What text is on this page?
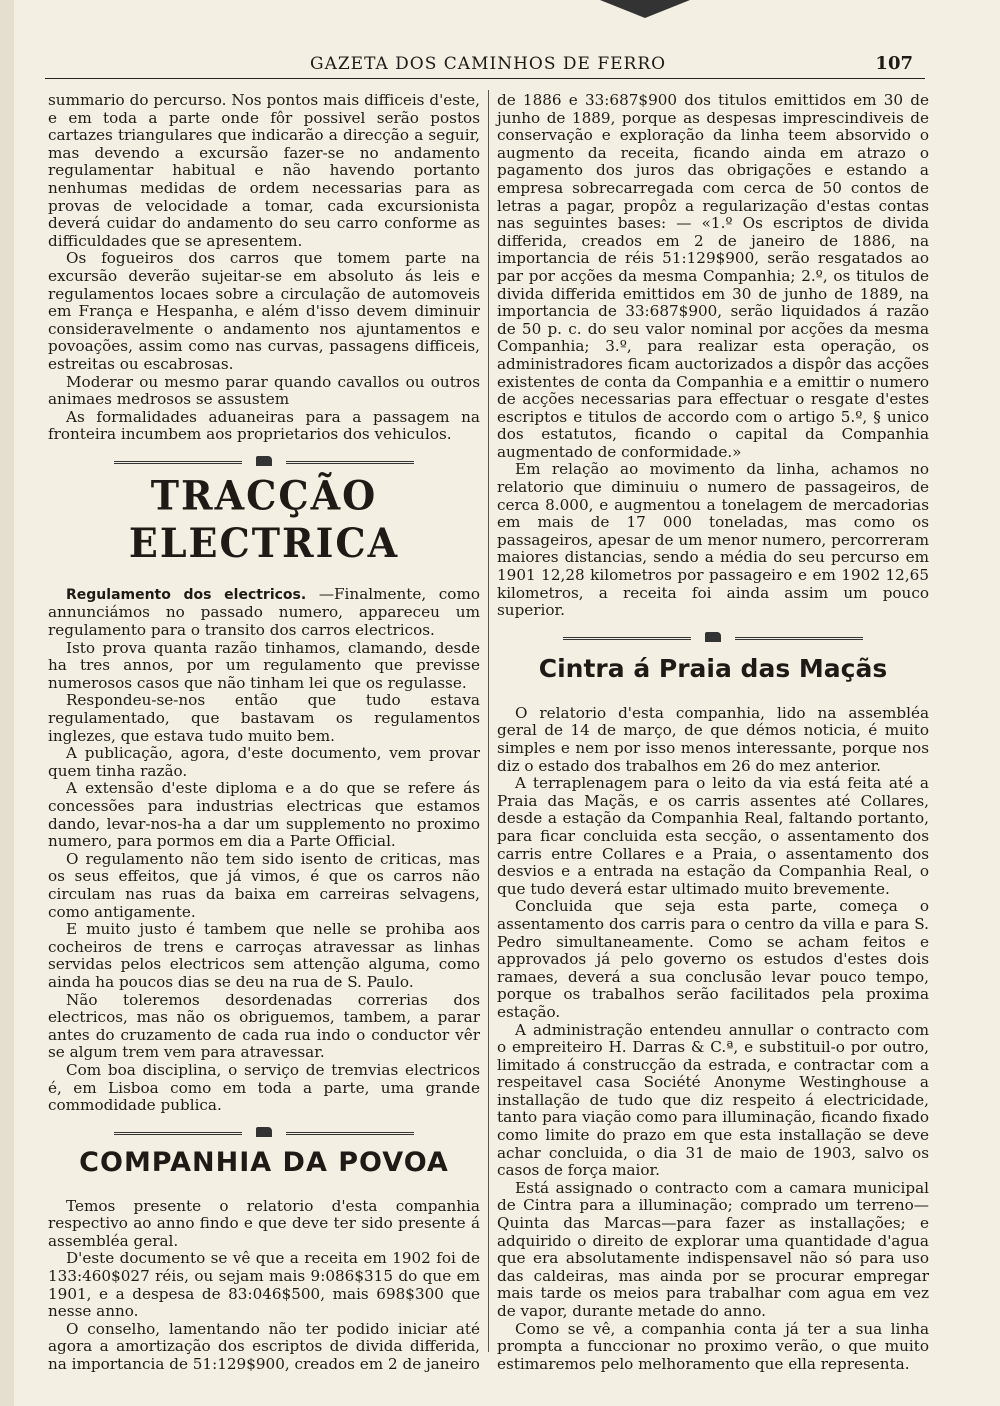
GAZETA DOS CAMINHOS DE FERRO	107

summario do percurso. Nos pontos mais difficeis d'este, e em toda a parte onde fôr possivel serão postos cartazes triangulares que indicarão a direcção a seguir, mas devendo a excursão fazer-se no andamento regulamentar habitual e não havendo portanto nenhumas medidas de ordem necessarias para as provas de velocidade a tomar, cada excursionista deverá cuidar do andamento do seu carro conforme as difficuldades que se apresentem.

Os fogueiros dos carros que tomem parte na excursão deverão sujeitar-se em absoluto ás leis e regulamentos locaes sobre a circulação de automoveis em França e Hespanha, e além d'isso devem diminuir consideravelmente o andamento nos ajuntamentos e povoações, assim como nas curvas, passagens difficeis, estreitas ou escabrosas.

Moderar ou mesmo parar quando cavallos ou outros animaes medrosos se assustem

As formalidades aduaneiras para a passagem na fronteira incumbem aos proprietarios dos vehiculos.

TRACÇÃO ELECTRICA

Regulamento dos electricos. —Finalmente, como annunciámos no passado numero, appareceu um regulamento para o transito dos carros electricos.

Isto prova quanta razão tinhamos, clamando, desde ha tres annos, por um regulamento que previsse numerosos casos que não tinham lei que os regulasse.

Respondeu-se-nos então que tudo estava regulamentado, que bastavam os regulamentos inglezes, que estava tudo muito bem.

A publicação, agora, d'este documento, vem provar quem tinha razão.

A extensão d'este diploma e a do que se refere ás concessões para industrias electricas que estamos dando, levar-nos-ha a dar um supplemento no proximo numero, para pormos em dia a Parte Official.

O regulamento não tem sido isento de criticas, mas os seus effeitos, que já vimos, é que os carros não circulam nas ruas da baixa em carreiras selvagens, como antigamente.

E muito justo é tambem que nelle se prohiba aos cocheiros de trens e carroças atravessar as linhas servidas pelos electricos sem attenção alguma, como ainda ha poucos dias se deu na rua de S. Paulo.

Não toleremos desordenadas correrias dos electricos, mas não os obriguemos, tambem, a parar antes do cruzamento de cada rua indo o conductor vêr se algum trem vem para atravessar.

Com boa disciplina, o serviço de tremvias electricos é, em Lisboa como em toda a parte, uma grande commodidade publica.

COMPANHIA DA POVOA

Temos presente o relatorio d'esta companhia respectivo ao anno findo e que deve ter sido presente á assembléa geral.

D'este documento se vê que a receita em 1902 foi de 133:460$027 réis, ou sejam mais 9:086$315 do que em 1901, e a despesa de 83:046$500, mais 698$300 que nesse anno.

O conselho, lamentando não ter podido iniciar até agora a amortização dos escriptos de divida differida, na importancia de 51:129$900, creados em 2 de janeiro

de 1886 e 33:687$900 dos titulos emittidos em 30 de junho de 1889, porque as despesas imprescindiveis de conservação e exploração da linha teem absorvido o augmento da receita, ficando ainda em atrazo o pagamento dos juros das obrigações e estando a empresa sobrecarregada com cerca de 50 contos de letras a pagar, propôz a regularização d'estas contas nas seguintes bases: — «1.º Os escriptos de divida differida, creados em 2 de janeiro de 1886, na importancia de réis 51:129$900, serão resgatados ao par por acções da mesma Companhia; 2.º, os titulos de divida differida emittidos em 30 de junho de 1889, na importancia de 33:687$900, serão liquidados á razão de 50 p. c. do seu valor nominal por acções da mesma Companhia; 3.º, para realizar esta operação, os administradores ficam auctorizados a dispôr das acções existentes de conta da Companhia e a emittir o numero de acções necessarias para effectuar o resgate d'estes escriptos e titulos de accordo com o artigo 5.º, § unico dos estatutos, ficando o capital da Companhia augmentado de conformidade.»

Em relação ao movimento da linha, achamos no relatorio que diminuiu o numero de passageiros, de cerca 8.000, e augmentou a tonelagem de mercadorias em mais de 17 000 toneladas, mas como os passageiros, apesar de um menor numero, percorreram maiores distancias, sendo a média do seu percurso em 1901 12,28 kilometros por passageiro e em 1902 12,65 kilometros, a receita foi ainda assim um pouco superior.

Cintra á Praia das Maçãs

O relatorio d'esta companhia, lido na assembléa geral de 14 de março, de que démos noticia, é muito simples e nem por isso menos interessante, porque nos diz o estado dos trabalhos em 26 do mez anterior.

A terraplenagem para o leito da via está feita até a Praia das Maçãs, e os carris assentes até Collares, desde a estação da Companhia Real, faltando portanto, para ficar concluida esta secção, o assentamento dos carris entre Collares e a Praia, o assentamento dos desvios e a entrada na estação da Companhia Real, o que tudo deverá estar ultimado muito brevemente.

Concluida que seja esta parte, começa o assentamento dos carris para o centro da villa e para S. Pedro simultaneamente. Como se acham feitos e approvados já pelo governo os estudos d'estes dois ramaes, deverá a sua conclusão levar pouco tempo, porque os trabalhos serão facilitados pela proxima estação.

A administração entendeu annullar o contracto com o empreiteiro H. Darras & C.ª, e substituil-o por outro, limitado á construcção da estrada, e contractar com a respeitavel casa Société Anonyme Westinghouse a installação de tudo que diz respeito á electricidade, tanto para viação como para illuminação, ficando fixado como limite do prazo em que esta installação se deve achar concluida, o dia 31 de maio de 1903, salvo os casos de força maior.

Está assignado o contracto com a camara municipal de Cintra para a illuminação; comprado um terreno—Quinta das Marcas—para fazer as installações; e adquirido o direito de explorar uma quantidade d'agua que era absolutamente indispensavel não só para uso das caldeiras, mas ainda por se procurar empregar mais tarde os meios para trabalhar com agua em vez de vapor, durante metade do anno.

Como se vê, a companhia conta já ter a sua linha prompta a funccionar no proximo verão, o que muito estimaremos pelo melhoramento que ella representa.
